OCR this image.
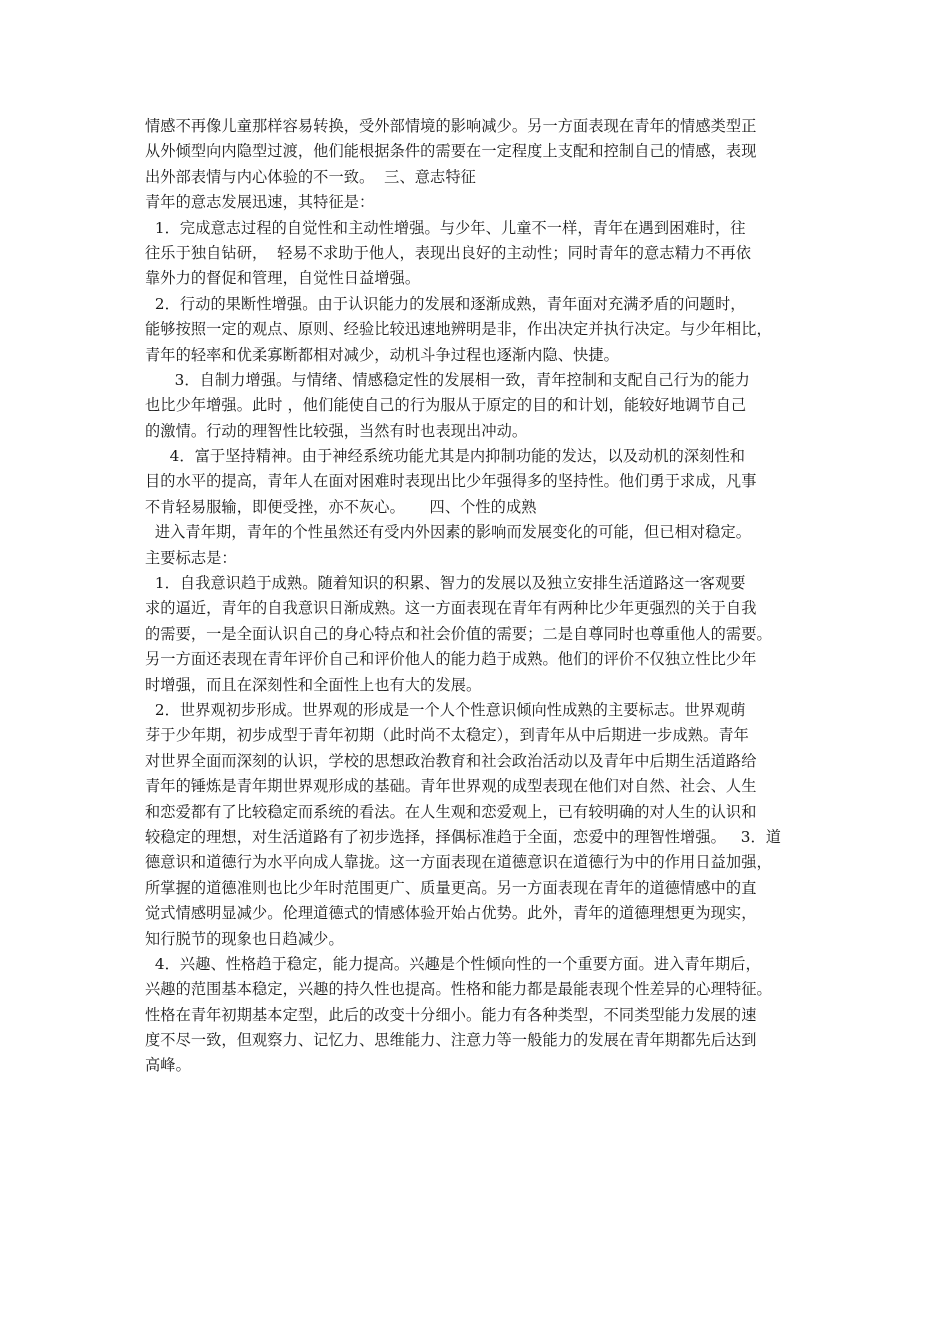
情感不再像儿童那样容易转换，受外部情境的影响减少。另一方面表现在青年的情感类型正
从外倾型向内隐型过渡，他们能根据条件的需要在一定程度上支配和控制自己的情感，表现
出外部表情与内心体验的不一致。  三、意志特征
青年的意志发展迅速，其特征是：
1．完成意志过程的自觉性和主动性增强。与少年、儿童不一样，青年在遇到困难时，往
往乐于独自钻研，  轻易不求助于他人，表现出良好的主动性；同时青年的意志精力不再依
靠外力的督促和管理，自觉性日益增强。
2．行动的果断性增强。由于认识能力的发展和逐渐成熟，青年面对充满矛盾的问题时，
能够按照一定的观点、原则、经验比较迅速地辨明是非，作出决定并执行决定。与少年相比，
青年的轻率和优柔寡断都相对减少，动机斗争过程也逐渐内隐、快捷。
3．自制力增强。与情绪、情感稳定性的发展相一致，青年控制和支配自己行为的能力
也比少年增强。此时 ，他们能使自己的行为服从于原定的目的和计划，能较好地调节自己
的激情。行动的理智性比较强，当然有时也表现出冲动。
4．富于坚持精神。由于神经系统功能尤其是内抑制功能的发达，以及动机的深刻性和
目的水平的提高，青年人在面对困难时表现出比少年强得多的坚持性。他们勇于求成，凡事
不肯轻易服输，即便受挫，亦不灰心。     四、个性的成熟
进入青年期，青年的个性虽然还有受内外因素的影响而发展变化的可能，但已相对稳定。
主要标志是：
1．自我意识趋于成熟。随着知识的积累、智力的发展以及独立安排生活道路这一客观要
求的逼近，青年的自我意识日渐成熟。这一方面表现在青年有两种比少年更强烈的关于自我
的需要，一是全面认识自己的身心特点和社会价值的需要；二是自尊同时也尊重他人的需要。
另一方面还表现在青年评价自己和评价他人的能力趋于成熟。他们的评价不仅独立性比少年
时增强，而且在深刻性和全面性上也有大的发展。
2．世界观初步形成。世界观的形成是一个人个性意识倾向性成熟的主要标志。世界观萌
芽于少年期，初步成型于青年初期（此时尚不太稳定），到青年从中后期进一步成熟。青年
对世界全面而深刻的认识，学校的思想政治教育和社会政治活动以及青年中后期生活道路给
青年的锤炼是青年期世界观形成的基础。青年世界观的成型表现在他们对自然、社会、人生
和恋爱都有了比较稳定而系统的看法。在人生观和恋爱观上，已有较明确的对人生的认识和
较稳定的理想，对生活道路有了初步选择，择偶标准趋于全面，恋爱中的理智性增强。   3．道
德意识和道德行为水平向成人靠拢。这一方面表现在道德意识在道德行为中的作用日益加强，
所掌握的道德准则也比少年时范围更广、质量更高。另一方面表现在青年的道德情感中的直
觉式情感明显减少。伦理道德式的情感体验开始占优势。此外，青年的道德理想更为现实，
知行脱节的现象也日趋减少。
4．兴趣、性格趋于稳定，能力提高。兴趣是个性倾向性的一个重要方面。进入青年期后，
兴趣的范围基本稳定，兴趣的持久性也提高。性格和能力都是最能表现个性差异的心理特征。
性格在青年初期基本定型，此后的改变十分细小。能力有各种类型，不同类型能力发展的速
度不尽一致，但观察力、记忆力、思维能力、注意力等一般能力的发展在青年期都先后达到
高峰。
